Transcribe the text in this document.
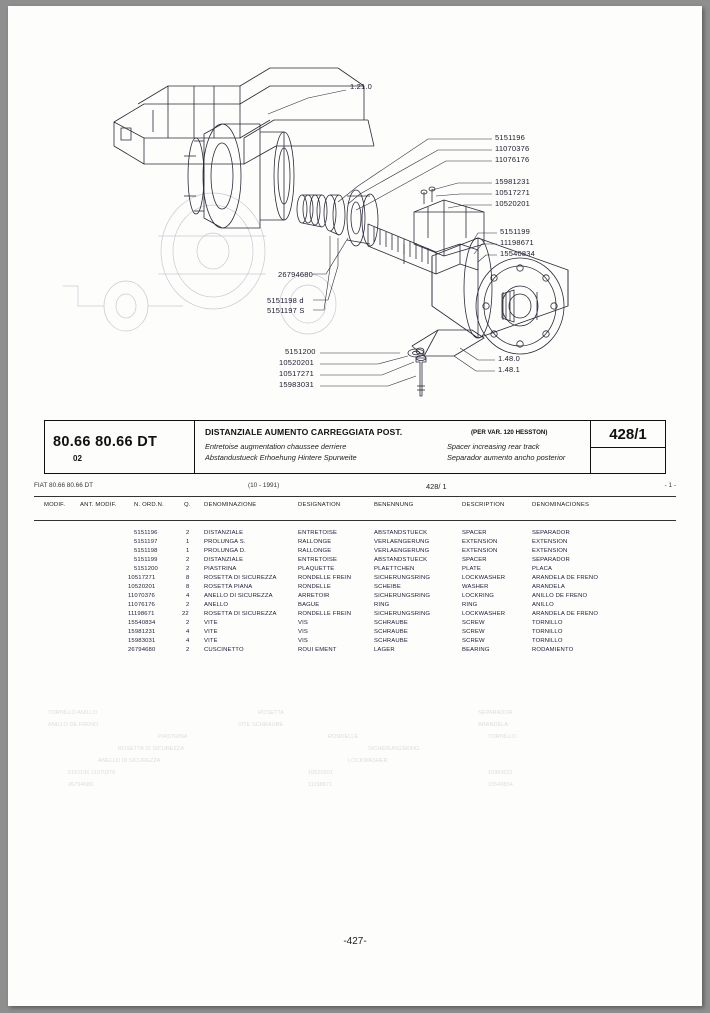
1.21.0
5151196
11070376
11076176
15981231
10517271
10520201
5151199
11198671
15540834
26794680
5151198 d
5151197 S
5151200
10520201
10517271
15983031
1.48.0
1.48.1
80.66 80.66 DT
02
DISTANZIALE AUMENTO CARREGGIATA POST.	(PER VAR. 120 HESSTON)
Entretoise augmentation chaussee derriere
Abstandustueck Erhoehung Hintere Spurweite
Spacer increasing rear track
Separador aumento ancho posterior
428/1
FIAT 80.66 80.66 DT	(10 - 1991)	428/ 1	- 1 -
MODIF.	ANT. MODIF.	N. ORD.N.	Q. DENOMINAZIONE	DESIGNATION	BENENNUNG	DESCRIPTION	DENOMINACIONES
5151196	2 DISTANZIALE	ENTRETOISE	ABSTANDSTUECK	SPACER	SEPARADOR
5151197	1 PROLUNGA S.	RALLONGE	VERLAENGERUNG	EXTENSION	EXTENSION
5151198	1 PROLUNGA D.	RALLONGE	VERLAENGERUNG	EXTENSION	EXTENSION
5151199	2 DISTANZIALE	ENTRETOISE	ABSTANDSTUECK	SPACER	SEPARADOR
5151200	2 PIASTRINA	PLAQUETTE	PLAETTCHEN	PLATE	PLACA
10517271	8 ROSETTA DI SICUREZZA	RONDELLE FREIN	SICHERUNGSRING	LOCKWASHER	ARANDELA DE FRENO
10520201	8 ROSETTA PIANA	RONDELLE	SCHEIBE	WASHER	ARANDELA
11070376	4 ANELLO DI SICUREZZA	ARRETOIR	SICHERUNGSRING	LOCKRING	ANILLO DE FRENO
11076176	2 ANELLO	BAGUE	RING	RING	ANILLO
11198671	22	ROSETTA DI SICUREZZA	RONDELLE FREIN	SICHERUNGSRING	LOCKWASHER	ARANDELA DE FRENO
15540834	2 VITE	VIS	SCHRAUBE	SCREW	TORNILLO
15981231	4 VITE	VIS	SCHRAUBE	SCREW	TORNILLO
15983031	4 VITE	VIS	SCHRAUBE	SCREW	TORNILLO
26794680	2 CUSCINETTO	ROUI EMENT	LAGER	BEARING	RODAMIENTO
TORNILLO ANILLO	ROSETTA	SEPARADOR
ANILLO DE FRENO	VITE SCHRAUBE	ARANDELA
PIASTRINA	RONDELLE	TORNILLO
ROSETTA DI SICUREZZA	SICHERUNGSRING
ANELLO DI SICUREZZA	LOCKWASHER
5151196 11070376	10520201	15983031
26794680	11198671	15540834
-427-
